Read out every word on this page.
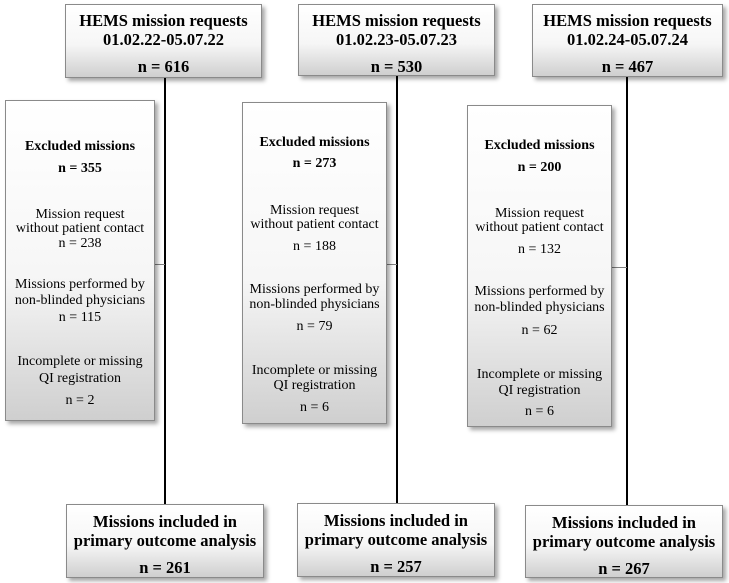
HEMS mission requests
01.02.22-05.07.22
n = 616
Excluded missions
n = 355
Mission request
without patient contact
n = 238
Missions performed by
non-blinded physicians
n = 115
Incomplete or missing
QI registration
n = 2
Missions included in
primary outcome analysis
n = 261
HEMS mission requests
01.02.23-05.07.23
n = 530
Excluded missions
n = 273
Mission request
without patient contact
n = 188
Missions performed by
non-blinded physicians
n = 79
Incomplete or missing
QI registration
n = 6
Missions included in
primary outcome analysis
n = 257
HEMS mission requests
01.02.24-05.07.24
n = 467
Excluded missions
n = 200
Mission request
without patient contact
n = 132
Missions performed by
non-blinded physicians
n = 62
Incomplete or missing
QI registration
n = 6
Missions included in
primary outcome analysis
n = 267
